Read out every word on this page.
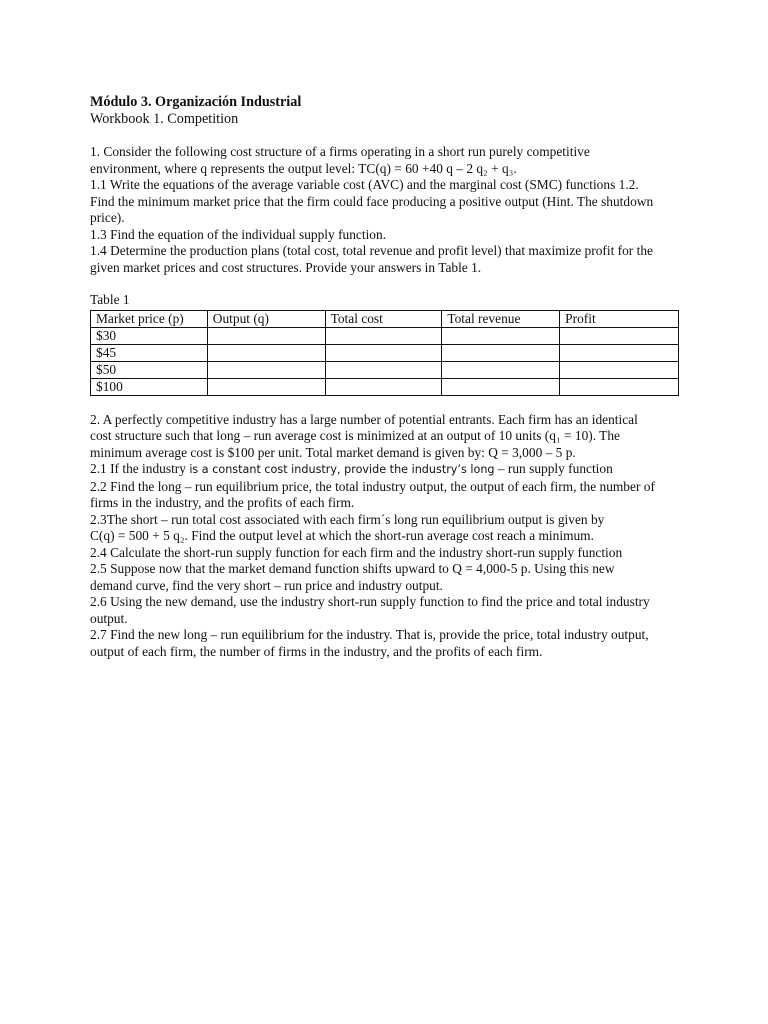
Módulo 3. Organización Industrial
Workbook 1. Competition

1. Consider the following cost structure of a firms operating in a short run purely competitive

environment, where q represents the output level: TC(q) = 60 +40 q – 2 q₂ + q₃.

1.1 Write the equations of the average variable cost (AVC) and the marginal cost (SMC) functions 1.2.

Find the minimum market price that the firm could face producing a positive output (Hint. The shutdown

price).

1.3 Find the equation of the individual supply function.

1.4 Determine the production plans (total cost, total revenue and profit level) that maximize profit for the

given market prices and cost structures. Provide your answers in Table 1.

Table 1
Market price (p)	Output (q)	Total cost	Total revenue	Profit
$30				
$45				
$50				
$100				

2. A perfectly competitive industry has a large number of potential entrants. Each firm has an identical

cost structure such that long – run average cost is minimized at an output of 10 units (q₁ = 10). The

minimum average cost is $100 per unit. Total market demand is given by: Q = 3,000 – 5 p.

2.1 If the industry is a constant cost industry, provide the industry’s long – run supply function

2.2 Find the long – run equilibrium price, the total industry output, the output of each firm, the number of

firms in the industry, and the profits of each firm.

2.3The short – run total cost associated with each firm´s long run equilibrium output is given by

C(q) = 500 + 5 q₂. Find the output level at which the short-run average cost reach a minimum.

2.4 Calculate the short-run supply function for each firm and the industry short-run supply function

2.5 Suppose now that the market demand function shifts upward to Q = 4,000-5 p. Using this new

demand curve, find the very short – run price and industry output.

2.6 Using the new demand, use the industry short-run supply function to find the price and total industry

output.

2.7 Find the new long – run equilibrium for the industry. That is, provide the price, total industry output,

output of each firm, the number of firms in the industry, and the profits of each firm.
